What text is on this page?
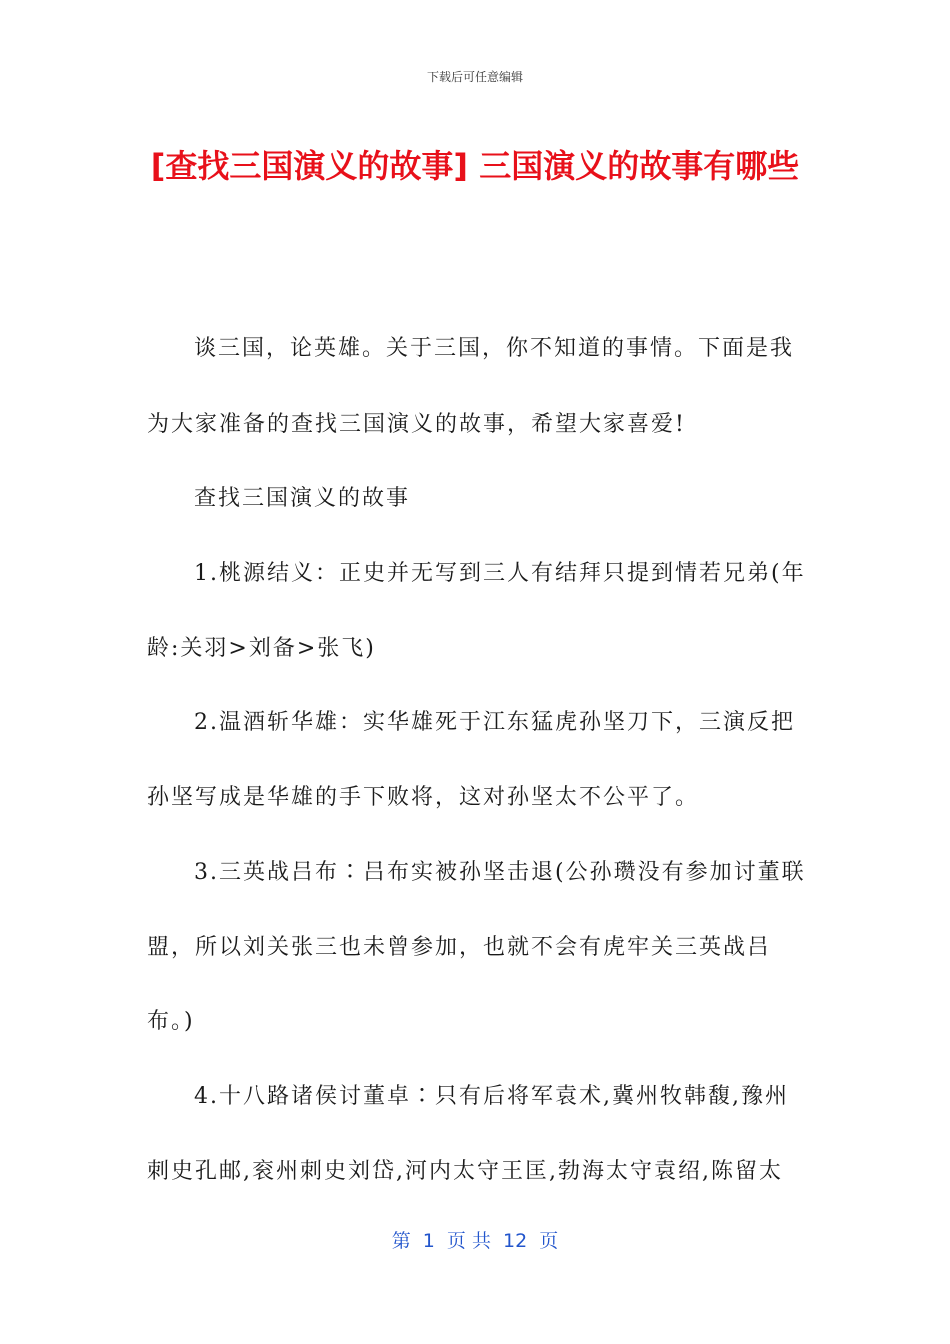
下载后可任意编辑
[查找三国演义的故事] 三国演义的故事有哪些
谈三国，论英雄。关于三国，你不知道的事情。下面是我
为大家准备的查找三国演义的故事，希望大家喜爱!
查找三国演义的故事
1.桃源结义：正史并无写到三人有结拜只提到情若兄弟(年
龄:关羽>刘备>张飞)
2.温酒斩华雄：实华雄死于江东猛虎孙坚刀下，三演反把
孙坚写成是华雄的手下败将，这对孙坚太不公平了。
3.三英战吕布∶吕布实被孙坚击退(公孙瓒没有参加讨董联
盟，所以刘关张三也未曾参加，也就不会有虎牢关三英战吕
布。)
4.十八路诸侯讨董卓∶只有后将军袁术,冀州牧韩馥,豫州
刺史孔邮,衮州刺史刘岱,河内太守王匡,勃海太守袁绍,陈留太
第  1  页 共  12  页
